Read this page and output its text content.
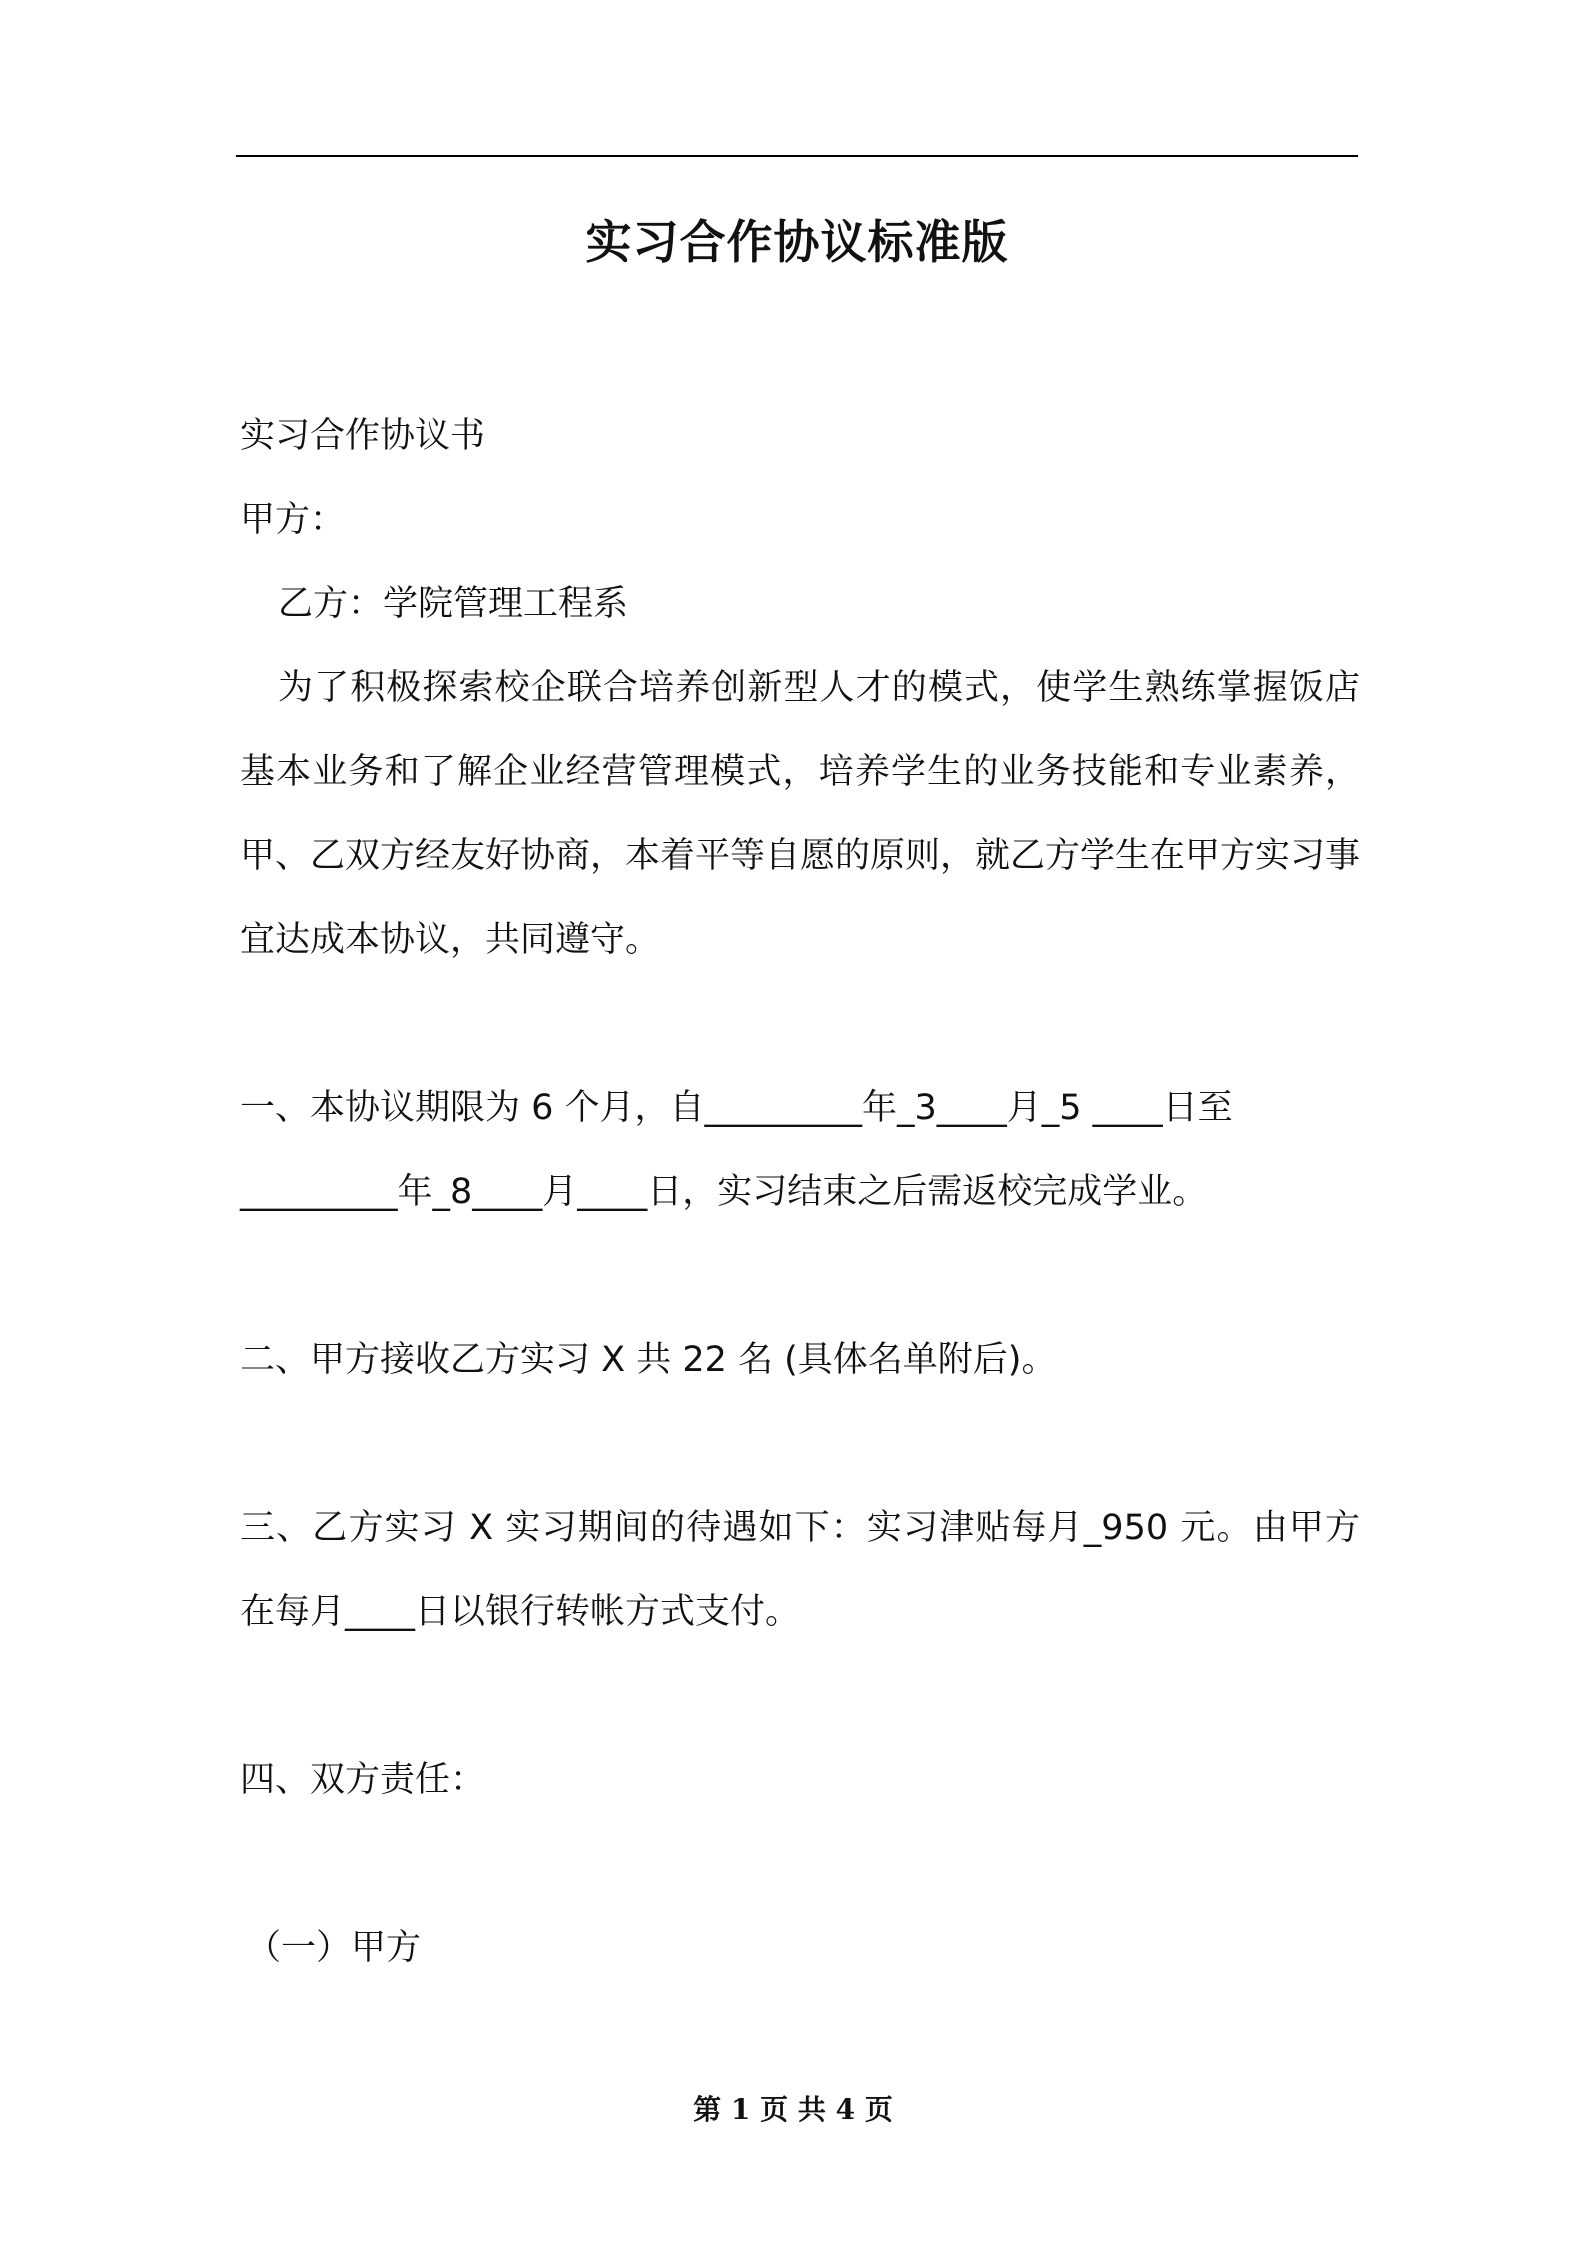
实习合作协议标准版

实习合作协议书

甲方：

乙方：学院管理工程系

为了积极探索校企联合培养创新型人才的模式，使学生熟练掌握饭店基本业务和了解企业经营管理模式，培养学生的业务技能和专业素养，甲、乙双方经友好协商，本着平等自愿的原则，就乙方学生在甲方实习事宜达成本协议，共同遵守。

一、本协议期限为 6 个月，自_________年_3____月_5 ____日至

_________年_8____月____日，实习结束之后需返校完成学业。

二、甲方接收乙方实习 X 共 22 名 (具体名单附后)。

三、乙方实习 X 实习期间的待遇如下：实习津贴每月_950 元。由甲方在每月____日以银行转帐方式支付。

四、双方责任：

（一）甲方

第 1 页 共 4 页
